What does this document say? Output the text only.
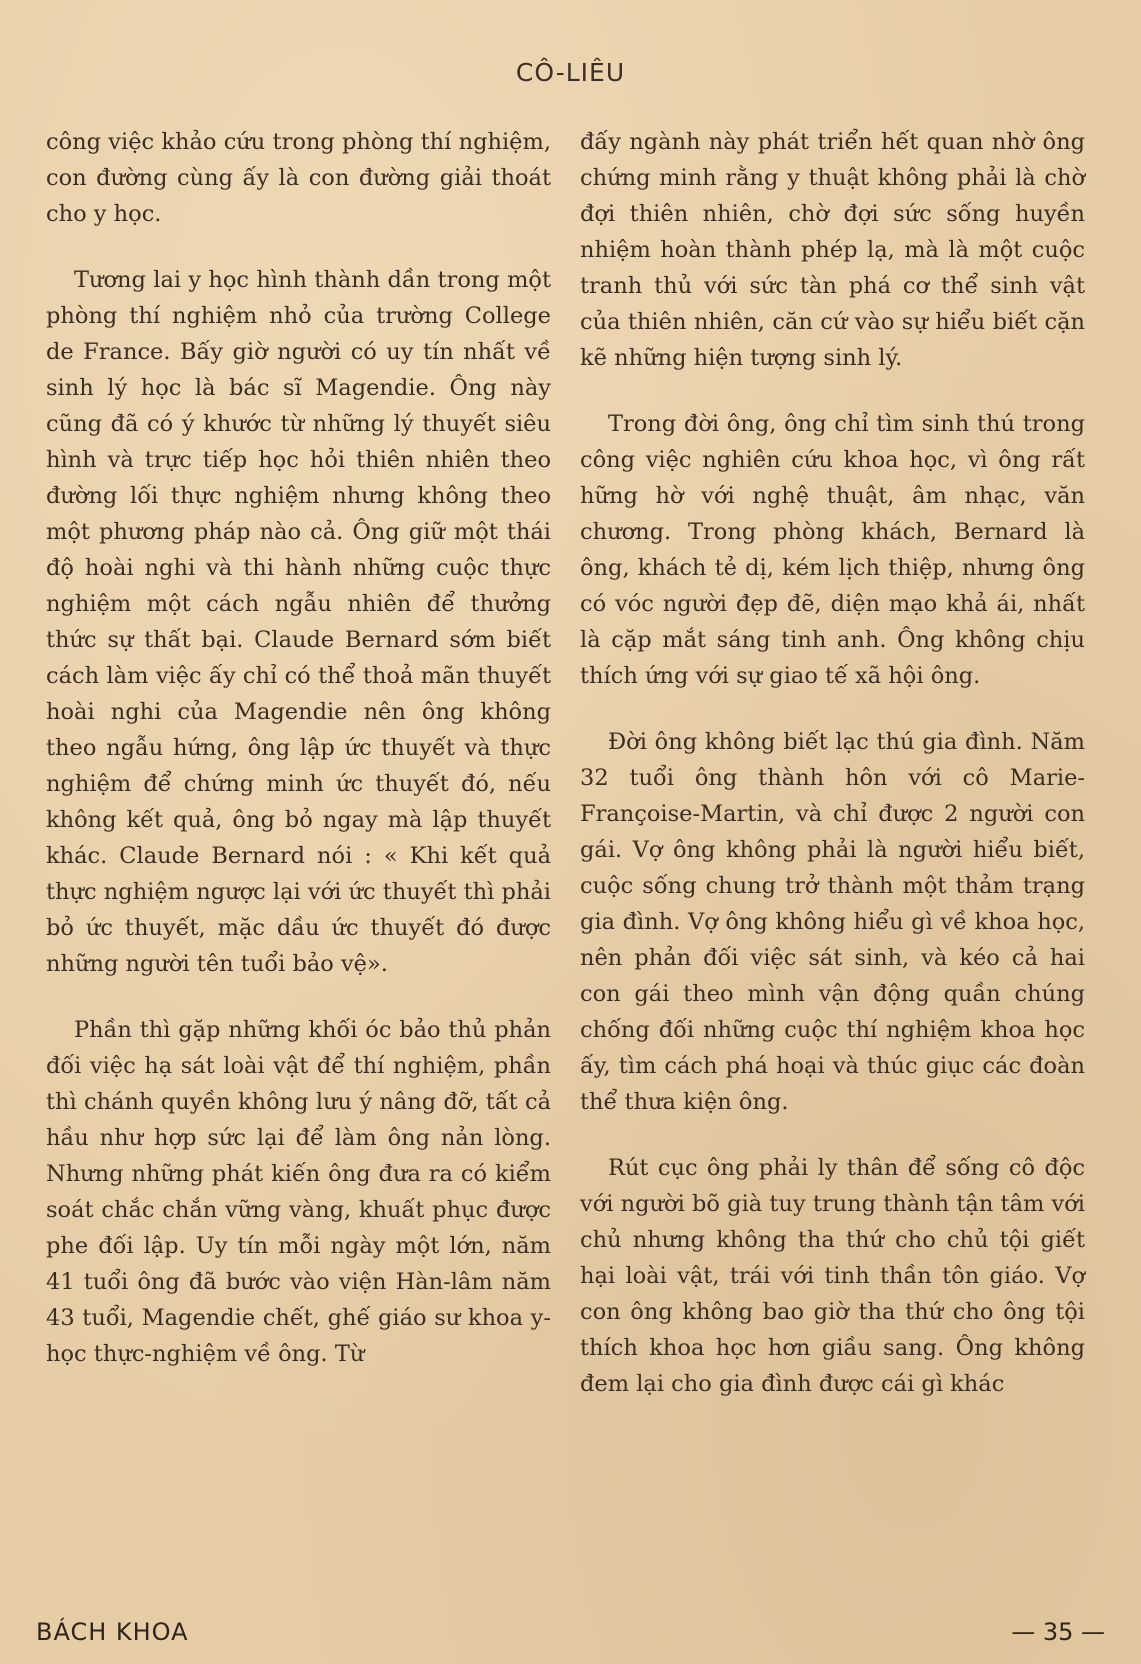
CÔ-LIÊU

công việc khảo cứu trong phòng thí nghiệm, con đường cùng ấy là con đường giải thoát cho y học.

Tương lai y học hình thành dần trong một phòng thí nghiệm nhỏ của trường College de France. Bấy giờ người có uy tín nhất về sinh lý học là bác sĩ Magendie. Ông này cũng đã có ý khước từ những lý thuyết siêu hình và trực tiếp học hỏi thiên nhiên theo đường lối thực nghiệm nhưng không theo một phương pháp nào cả. Ông giữ một thái độ hoài nghi và thi hành những cuộc thực nghiệm một cách ngẫu nhiên để thưởng thức sự thất bại. Claude Bernard sớm biết cách làm việc ấy chỉ có thể thoả mãn thuyết hoài nghi của Magendie nên ông không theo ngẫu hứng, ông lập ức thuyết và thực nghiệm để chứng minh ức thuyết đó, nếu không kết quả, ông bỏ ngay mà lập thuyết khác. Claude Bernard nói : « Khi kết quả thực nghiệm ngược lại với ức thuyết thì phải bỏ ức thuyết, mặc dầu ức thuyết đó được những người tên tuổi bảo vệ».

Phần thì gặp những khối óc bảo thủ phản đối việc hạ sát loài vật để thí nghiệm, phần thì chánh quyền không lưu ý nâng đỡ, tất cả hầu như hợp sức lại để làm ông nản lòng. Nhưng những phát kiến ông đưa ra có kiểm soát chắc chắn vững vàng, khuất phục được phe đối lập. Uy tín mỗi ngày một lớn, năm 41 tuổi ông đã bước vào viện Hàn-lâm năm 43 tuổi, Magendie chết, ghế giáo sư khoa y-học thực-nghiệm về ông. Từ

đấy ngành này phát triển hết quan nhờ ông chứng minh rằng y thuật không phải là chờ đợi thiên nhiên, chờ đợi sức sống huyền nhiệm hoàn thành phép lạ, mà là một cuộc tranh thủ với sức tàn phá cơ thể sinh vật của thiên nhiên, căn cứ vào sự hiểu biết cặn kẽ những hiện tượng sinh lý.

Trong đời ông, ông chỉ tìm sinh thú trong công việc nghiên cứu khoa học, vì ông rất hững hờ với nghệ thuật, âm nhạc, văn chương. Trong phòng khách, Bernard là ông, khách tẻ dị, kém lịch thiệp, nhưng ông có vóc người đẹp đẽ, diện mạo khả ái, nhất là cặp mắt sáng tinh anh. Ông không chịu thích ứng với sự giao tế xã hội ông.

Đời ông không biết lạc thú gia đình. Năm 32 tuổi ông thành hôn với cô Marie-Françoise-Martin, và chỉ được 2 người con gái. Vợ ông không phải là người hiểu biết, cuộc sống chung trở thành một thảm trạng gia đình. Vợ ông không hiểu gì về khoa học, nên phản đối việc sát sinh, và kéo cả hai con gái theo mình vận động quần chúng chống đối những cuộc thí nghiệm khoa học ấy, tìm cách phá hoại và thúc giục các đoàn thể thưa kiện ông.

Rút cục ông phải ly thân để sống cô độc với người bõ già tuy trung thành tận tâm với chủ nhưng không tha thứ cho chủ tội giết hại loài vật, trái với tinh thần tôn giáo. Vợ con ông không bao giờ tha thứ cho ông tội thích khoa học hơn giầu sang. Ông không đem lại cho gia đình được cái gì khác

BÁCH KHOA	— 35 —
